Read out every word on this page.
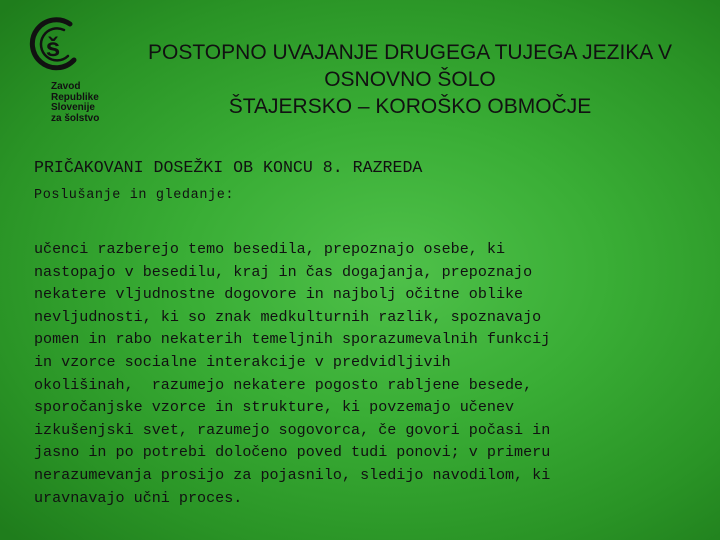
š
Zavod
Republike
Slovenije
za šolstvo
POSTOPNO UVAJANJE DRUGEGA TUJEGA JEZIKA V
OSNOVNO ŠOLO
ŠTAJERSKO – KOROŠKO OBMOČJE
PRIČAKOVANI DOSEŽKI OB KONCU 8. RAZREDA
Poslušanje in gledanje:
učenci razberejo temo besedila, prepoznajo osebe, ki
nastopajo v besedilu, kraj in čas dogajanja, prepoznajo
nekatere vljudnostne dogovore in najbolj očitne oblike
nevljudnosti, ki so znak medkulturnih razlik, spoznavajo
pomen in rabo nekaterih temeljnih sporazumevalnih funkcij
in vzorce socialne interakcije v predvidljivih
okolišinah,  razumejo nekatere pogosto rabljene besede,
sporočanjske vzorce in strukture, ki povzemajo učenev
izkušenjski svet, razumejo sogovorca, če govori počasi in
jasno in po potrebi določeno poved tudi ponovi; v primeru
nerazumevanja prosijo za pojasnilo, sledijo navodilom, ki
uravnavajo učni proces.
